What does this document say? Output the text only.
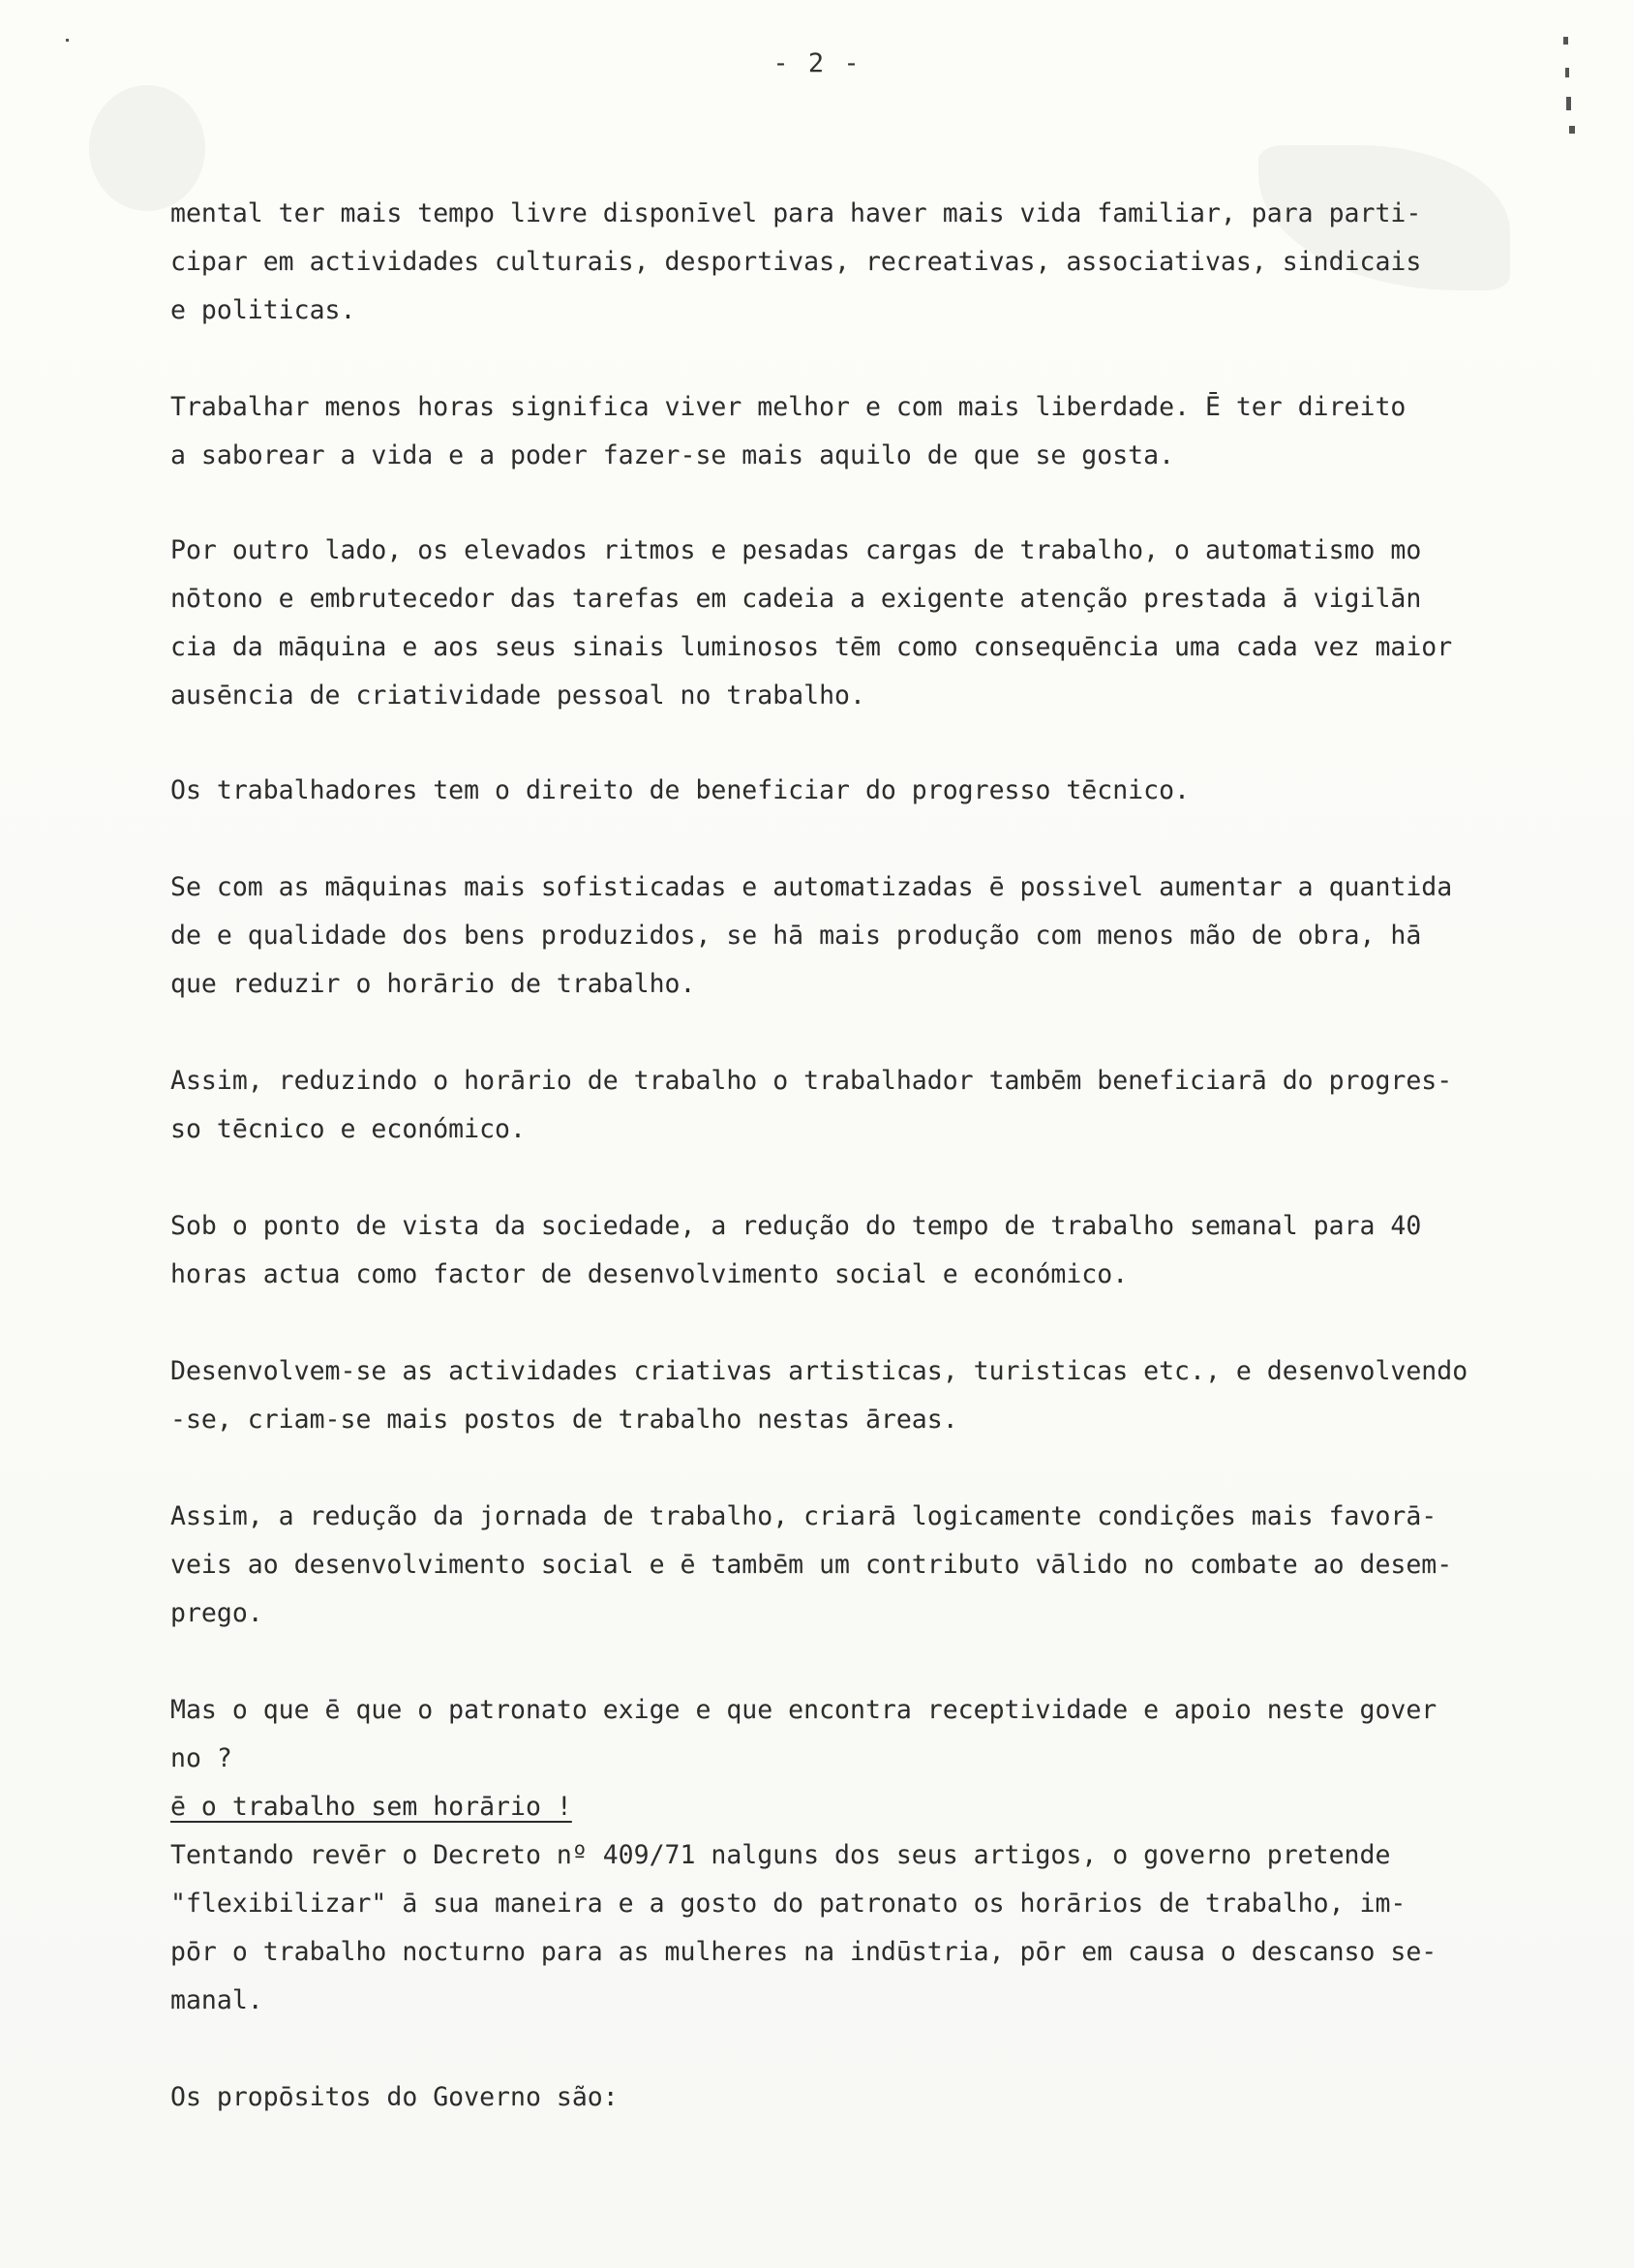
- 2 -
mental ter mais tempo livre disponīvel para haver mais vida familiar, para parti-
cipar em actividades culturais, desportivas, recreativas, associativas, sindicais
e politicas.
Trabalhar menos horas significa viver melhor e com mais liberdade. Ē ter direito
a saborear a vida e a poder fazer-se mais aquilo de que se gosta.
Por outro lado, os elevados ritmos e pesadas cargas de trabalho, o automatismo mo
nōtono e embrutecedor das tarefas em cadeia a exigente atenção prestada ā vigilān
cia da māquina e aos seus sinais luminosos tēm como consequēncia uma cada vez maior
ausēncia de criatividade pessoal no trabalho.
Os trabalhadores tem o direito de beneficiar do progresso tēcnico.
Se com as māquinas mais sofisticadas e automatizadas ē possivel aumentar a quantida
de e qualidade dos bens produzidos, se hā mais produção com menos mão de obra, hā
que reduzir o horārio de trabalho.
Assim, reduzindo o horārio de trabalho o trabalhador tambēm beneficiarā do progres-
so tēcnico e económico.
Sob o ponto de vista da sociedade, a redução do tempo de trabalho semanal para 40
horas actua como factor de desenvolvimento social e económico.
Desenvolvem-se as actividades criativas artisticas, turisticas etc., e desenvolvendo
-se, criam-se mais postos de trabalho nestas āreas.
Assim, a redução da jornada de trabalho, criarā logicamente condições mais favorā-
veis ao desenvolvimento social e ē tambēm um contributo vālido no combate ao desem-
prego.
Mas o que ē que o patronato exige e que encontra receptividade e apoio neste gover
no ?
ē o trabalho sem horārio !
Tentando revēr o Decreto nº 409/71 nalguns dos seus artigos, o governo pretende
"flexibilizar" ā sua maneira e a gosto do patronato os horārios de trabalho, im-
pōr o trabalho nocturno para as mulheres na indūstria, pōr em causa o descanso se-
manal.
Os propōsitos do Governo são:
